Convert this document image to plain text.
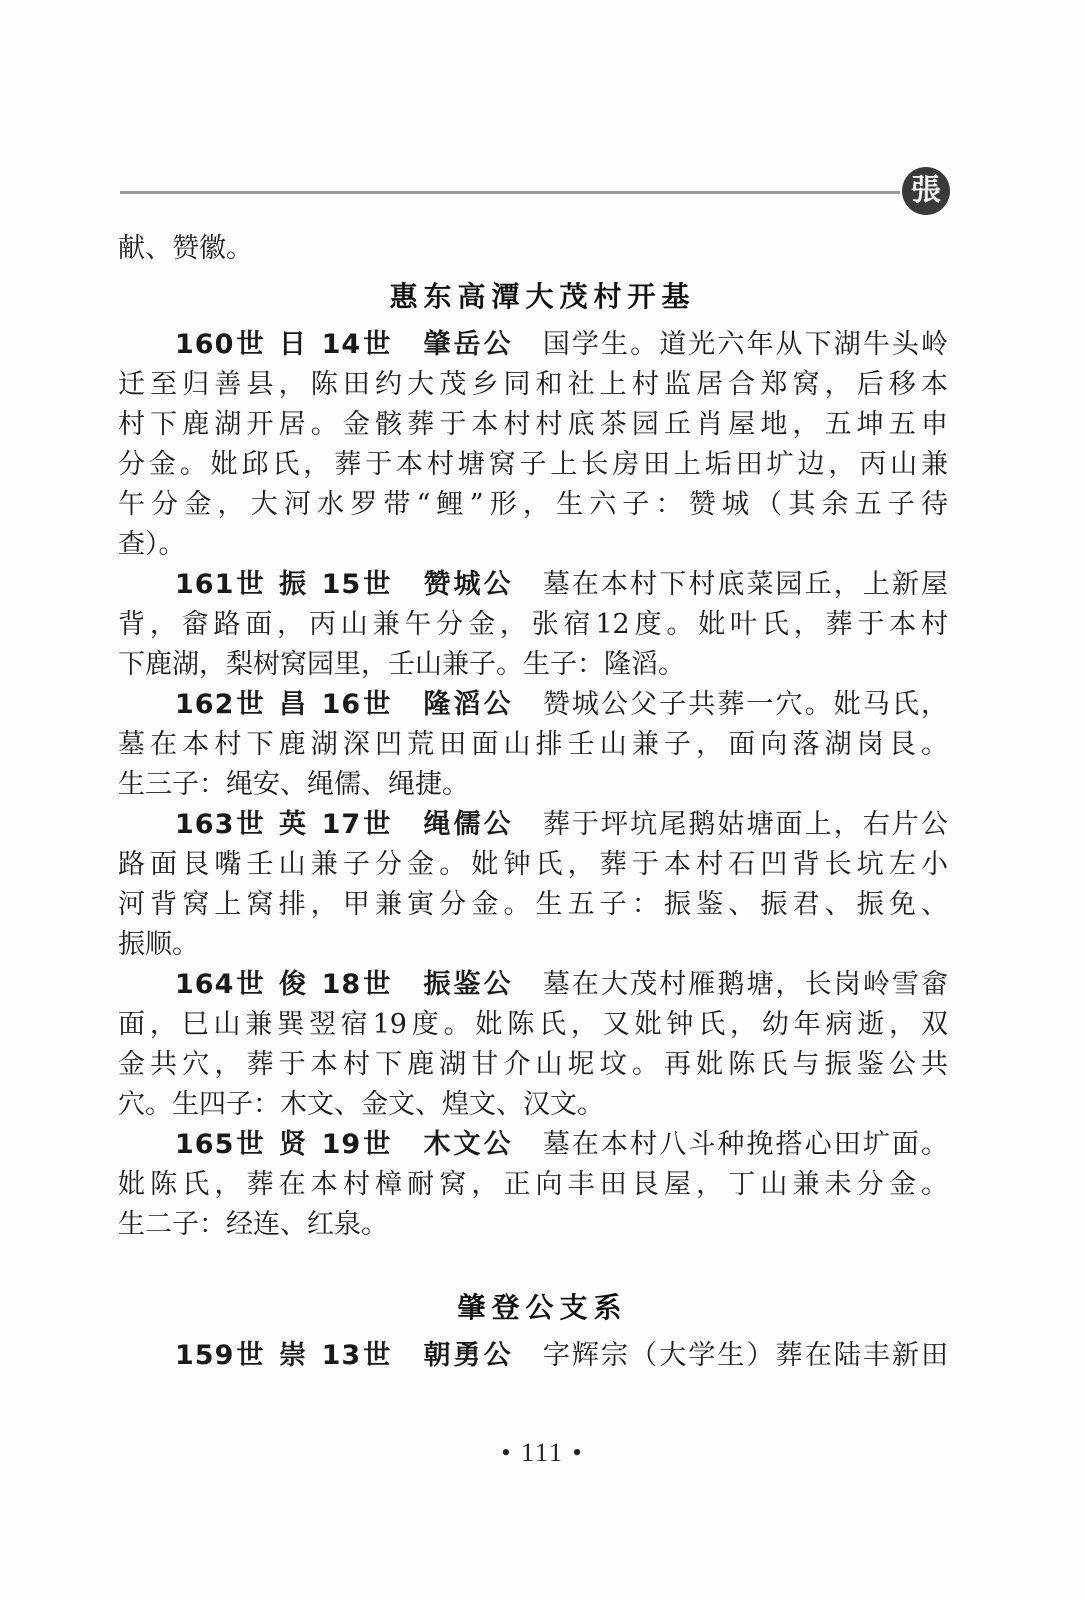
張
献、赞徽。
惠东高潭大茂村开基
160世 日 14世　肇岳公　 国学生。道光六年从下湖牛头岭
迁至归善县，陈田约大茂乡同和社上村监居合郑窝，后移本
村下鹿湖开居。金骸葬于本村村底茶园丘肖屋地，五坤五申
分金。妣邱氏，葬于本村塘窝子上长房田上垢田圹边，丙山兼
午分金，大河水罗带“鲤”形，生六子：赞城（其余五子待
查）。
161世 振 15世　赞城公　 墓在本村下村底菜园丘，上新屋
背，畲路面，丙山兼午分金，张宿12度。妣叶氏，葬于本村
下鹿湖，梨树窝园里，壬山兼子。生子：隆滔。
162世 昌 16世　隆滔公　 赞城公父子共葬一穴。妣马氏，
墓在本村下鹿湖深凹荒田面山排壬山兼子，面向落湖岗艮。
生三子：绳安、绳儒、绳捷。
163世 英 17世　绳儒公　 葬于坪坑尾鹅姑塘面上，右片公
路面艮嘴壬山兼子分金。妣钟氏，葬于本村石凹背长坑左小
河背窝上窝排，甲兼寅分金。生五子：振鉴、振君、振免、
振顺。
164世 俊 18世　振鉴公　 墓在大茂村雁鹅塘，长岗岭雪畲
面，巳山兼巽翌宿19度。妣陈氏，又妣钟氏，幼年病逝，双
金共穴，葬于本村下鹿湖甘介山坭坟。再妣陈氏与振鉴公共
穴。生四子：木文、金文、煌文、汉文。
165世 贤 19世　木文公　 墓在本村八斗种挽搭心田圹面。
妣陈氏，葬在本村樟耐窝，正向丰田艮屋，丁山兼未分金。
生二子：经连、红泉。
肇登公支系
159世 崇 13世　朝勇公　 字辉宗（大学生）葬在陆丰新田
• 111 •
